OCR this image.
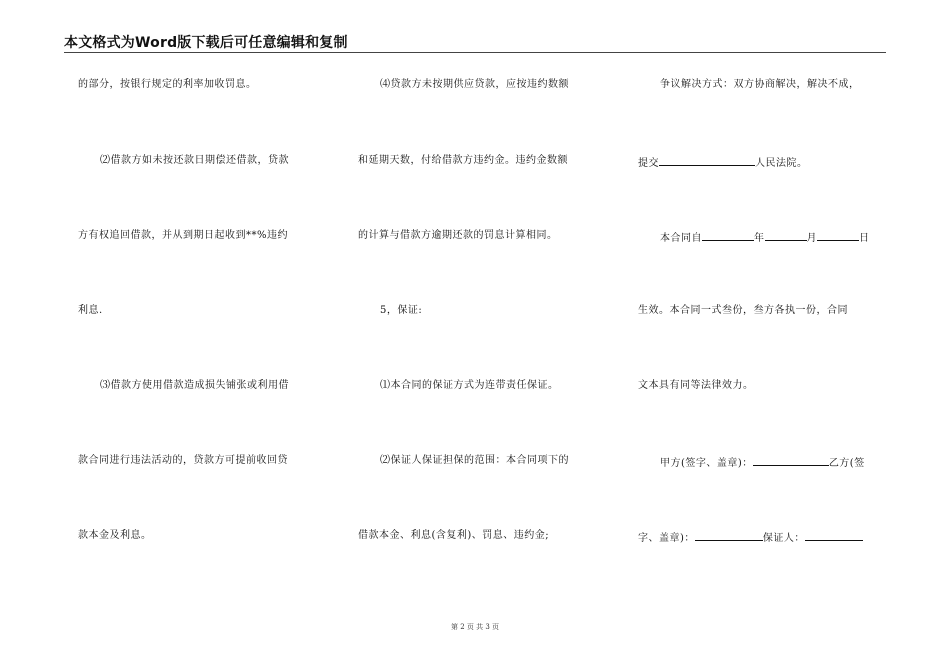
本文格式为Word版下载后可任意编辑和复制
的部分，按银行规定的利率加收罚息。
⑵借款方如未按还款日期偿还借款，贷款
方有权追回借款，并从到期日起收到**%违约
利息.
⑶借款方使用借款造成损失铺张或利用借
款合同进行违法活动的，贷款方可提前收回贷
款本金及利息。
⑷贷款方未按期供应贷款，应按违约数额
和延期天数，付给借款方违约金。违约金数额
的计算与借款方逾期还款的罚息计算相同。
5，保证:
⑴本合同的保证方式为连带责任保证。
⑵保证人保证担保的范围：本合同项下的
借款本金、利息(含复利)、罚息、违约金;
争议解决方式：双方协商解决，解决不成，
提交	人民法院。
本合同自	年	月	日
生效。本合同一式叁份，叁方各执一份，合同
文本具有同等法律效力。
甲方(签字、盖章)：	乙方(签
字、盖章)：	保证人：
第 2 页 共 3 页
